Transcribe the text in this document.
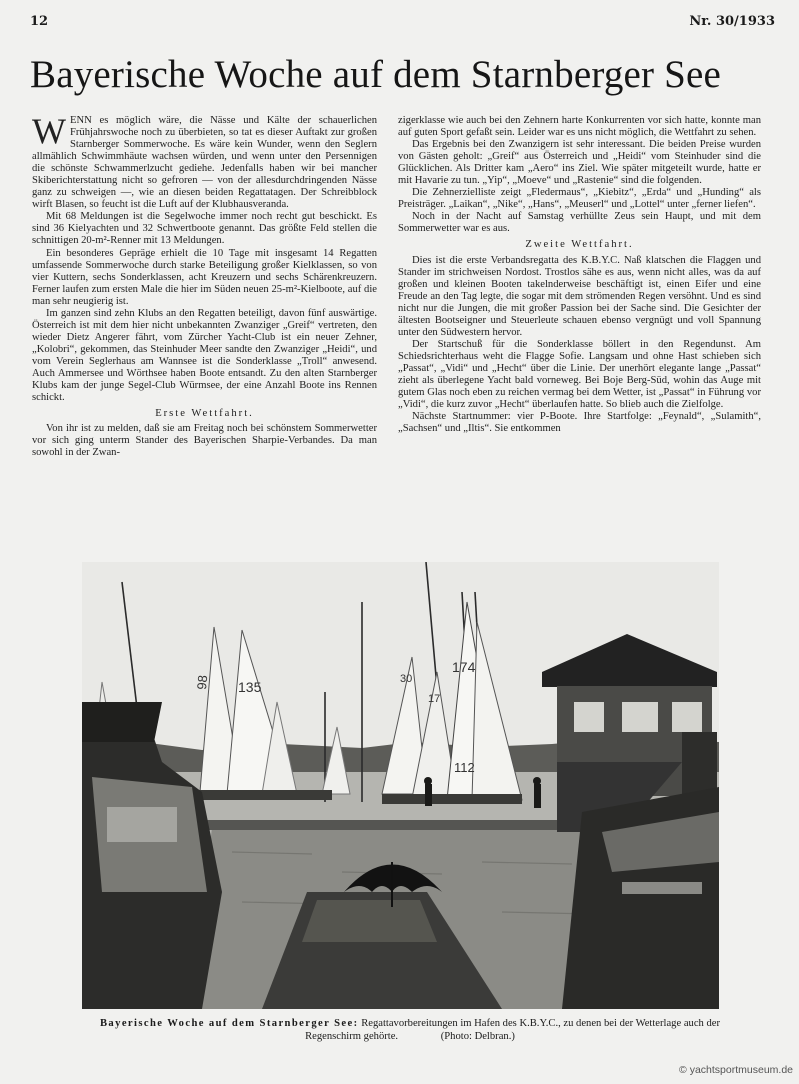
12	Nr. 30/1933
Bayerische Woche auf dem Starnberger See

WENN es möglich wäre, die Nässe und Kälte der schauerlichen Frühjahrswoche noch zu überbieten, so tat es dieser Auftakt zur großen Starnberger Sommerwoche. Es wäre kein Wunder, wenn den Seglern allmählich Schwimmhäute wachsen würden, und wenn unter den Persennigen die schönste Schwammerlzucht gediehe. Jedenfalls haben wir bei mancher Skiberichterstattung nicht so gefroren — von der allesdurchdringenden Nässe ganz zu schweigen —, wie an diesen beiden Regattatagen. Der Schreibblock wirft Blasen, so feucht ist die Luft auf der Klubhausveranda.

Mit 68 Meldungen ist die Segelwoche immer noch recht gut beschickt. Es sind 36 Kielyachten und 32 Schwertboote genannt. Das größte Feld stellen die schnittigen 20-m²-Renner mit 13 Meldungen.

Ein besonderes Gepräge erhielt die 10 Tage mit insgesamt 14 Regatten umfassende Sommerwoche durch starke Beteiligung großer Kielklassen, so von vier Kuttern, sechs Sonderklassen, acht Kreuzern und sechs Schärenkreuzern. Ferner laufen zum ersten Male die hier im Süden neuen 25-m²-Kielboote, auf die man sehr neugierig ist.

Im ganzen sind zehn Klubs an den Regatten beteiligt, davon fünf auswärtige. Österreich ist mit dem hier nicht unbekannten Zwanziger „Greif“ vertreten, den wieder Dietz Angerer fährt, vom Zürcher Yacht-Club ist ein neuer Zehner, „Kolobri“, gekommen, das Steinhuder Meer sandte den Zwanziger „Heidi“, und vom Verein Seglerhaus am Wannsee ist die Sonderklasse „Troll“ anwesend. Auch Ammersee und Wörthsee haben Boote entsandt. Zu den alten Starnberger Klubs kam der junge Segel-Club Würmsee, der eine Anzahl Boote ins Rennen schickt.

Erste Wettfahrt.

Von ihr ist zu melden, daß sie am Freitag noch bei schönstem Sommerwetter vor sich ging unterm Stander des Bayerischen Sharpie-Verbandes. Da man sowohl in der Zwan-

zigerklasse wie auch bei den Zehnern harte Konkurrenten vor sich hatte, konnte man auf guten Sport gefaßt sein. Leider war es uns nicht möglich, die Wettfahrt zu sehen.

Das Ergebnis bei den Zwanzigern ist sehr interessant. Die beiden Preise wurden von Gästen geholt: „Greif“ aus Österreich und „Heidi“ vom Steinhuder sind die Glücklichen. Als Dritter kam „Aero“ ins Ziel. Wie später mitgeteilt wurde, hatte er mit Havarie zu tun. „Yip“, „Moeve“ und „Rastenie“ sind die folgenden.

Die Zehnerzielliste zeigt „Fledermaus“, „Kiebitz“, „Erda“ und „Hunding“ als Preisträger. „Laikan“, „Nike“, „Hans“, „Meuserl“ und „Lottel“ unter „ferner liefen“.

Noch in der Nacht auf Samstag verhüllte Zeus sein Haupt, und mit dem Sommerwetter war es aus.

Zweite Wettfahrt.

Dies ist die erste Verbandsregatta des K.B.Y.C. Naß klatschen die Flaggen und Stander im strichweisen Nordost. Trostlos sähe es aus, wenn nicht alles, was da auf großen und kleinen Booten takelnderweise beschäftigt ist, einen Eifer und eine Freude an den Tag legte, die sogar mit dem strömenden Regen versöhnt. Und es sind nicht nur die Jungen, die mit großer Passion bei der Sache sind. Die Gesichter der ältesten Bootseigner und Steuerleute schauen ebenso vergnügt und voll Spannung unter den Südwestern hervor.

Der Startschuß für die Sonderklasse böllert in den Regendunst. Am Schiedsrichterhaus weht die Flagge Sofie. Langsam und ohne Hast schieben sich „Passat“, „Vidi“ und „Hecht“ über die Linie. Der unerhört elegante lange „Passat“ zieht als überlegene Yacht bald vorneweg. Bei Boje Berg-Süd, wohin das Auge mit gutem Glas noch eben zu reichen vermag bei dem Wetter, ist „Passat“ in Führung vor „Vidi“, die kurz zuvor „Hecht“ überlaufen hatte. So blieb auch die Zielfolge.

Nächste Startnummer: vier P-Boote. Ihre Startfolge: „Feynald“, „Sulamith“, „Sachsen“ und „Iltis“. Sie entkommen

98 135	30
17
174
112
Bayerische Woche auf dem Starnberger See: Regattavorbereitungen im Hafen des K.B.Y.C., zu denen bei der Wetterlage auch der Regenschirm gehörte.	(Photo: Delbran.)
© yachtsportmuseum.de
